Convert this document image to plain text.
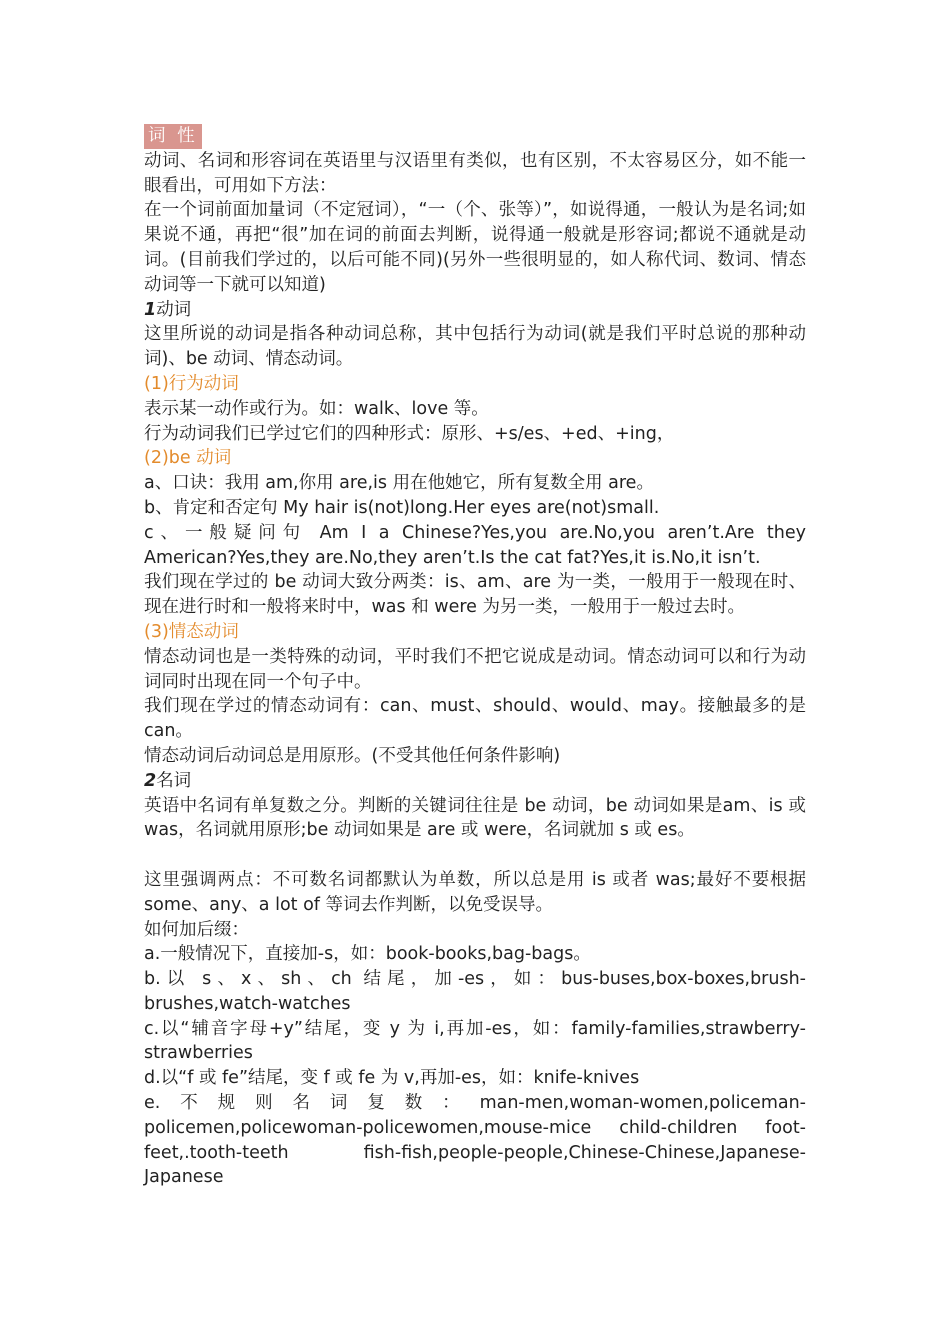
词 性

动词、名词和形容词在英语里与汉语里有类似，也有区别，不太容易区分，如不能一眼看出，可用如下方法：

在一个词前面加量词（不定冠词），“一（个、张等）”，如说得通，一般认为是名词;如果说不通，再把“很”加在词的前面去判断，说得通一般就是形容词;都说不通就是动词。(目前我们学过的，以后可能不同)(另外一些很明显的，如人称代词、数词、情态动词等一下就可以知道)

1动词

这里所说的动词是指各种动词总称，其中包括行为动词(就是我们平时总说的那种动词)、be 动词、情态动词。

(1)行为动词

表示某一动作或行为。如：walk、love 等。

行为动词我们已学过它们的四种形式：原形、+s/es、+ed、+ing，

(2)be 动词

a、口诀：我用 am,你用 are,is 用在他她它，所有复数全用 are。

b、肯定和否定句 My hair is(not)long.Her eyes are(not)small.

c、一般疑问句 Am I a Chinese?Yes,you are.No,you aren’t.Are they American?Yes,they are.No,they aren’t.Is the cat fat?Yes,it is.No,it isn’t.

我们现在学过的 be 动词大致分两类：is、am、are 为一类，一般用于一般现在时、现在进行时和一般将来时中，was 和 were 为另一类，一般用于一般过去时。

(3)情态动词

情态动词也是一类特殊的动词，平时我们不把它说成是动词。情态动词可以和行为动词同时出现在同一个句子中。

我们现在学过的情态动词有：can、must、should、would、may。接触最多的是 can。

情态动词后动词总是用原形。(不受其他任何条件影响)

2名词

英语中名词有单复数之分。判断的关键词往往是 be 动词，be 动词如果是am、is 或 was，名词就用原形;be 动词如果是 are 或 were，名词就加 s 或 es。

这里强调两点：不可数名词都默认为单数，所以总是用 is 或者 was;最好不要根据 some、any、a lot of 等词去作判断，以免受误导。

如何加后缀：

a.一般情况下，直接加-s，如：book-books,bag-bags。

b.以 s、x、sh、ch 结尾，加-es，如：bus-buses,box-boxes,brush-brushes,watch-watches

c.以“辅音字母+y”结尾，变 y 为 i,再加-es，如：family-families,strawberry-strawberries

d.以“f 或 fe”结尾，变 f 或 fe 为 v,再加-es，如：knife-knives

e.不规则名词复数：man-men,woman-women,policeman-policemen,policewoman-policewomen,mouse-mice child-children foot-feet,.tooth-teeth fish-fish,people-people,Chinese-Chinese,Japanese-Japanese
